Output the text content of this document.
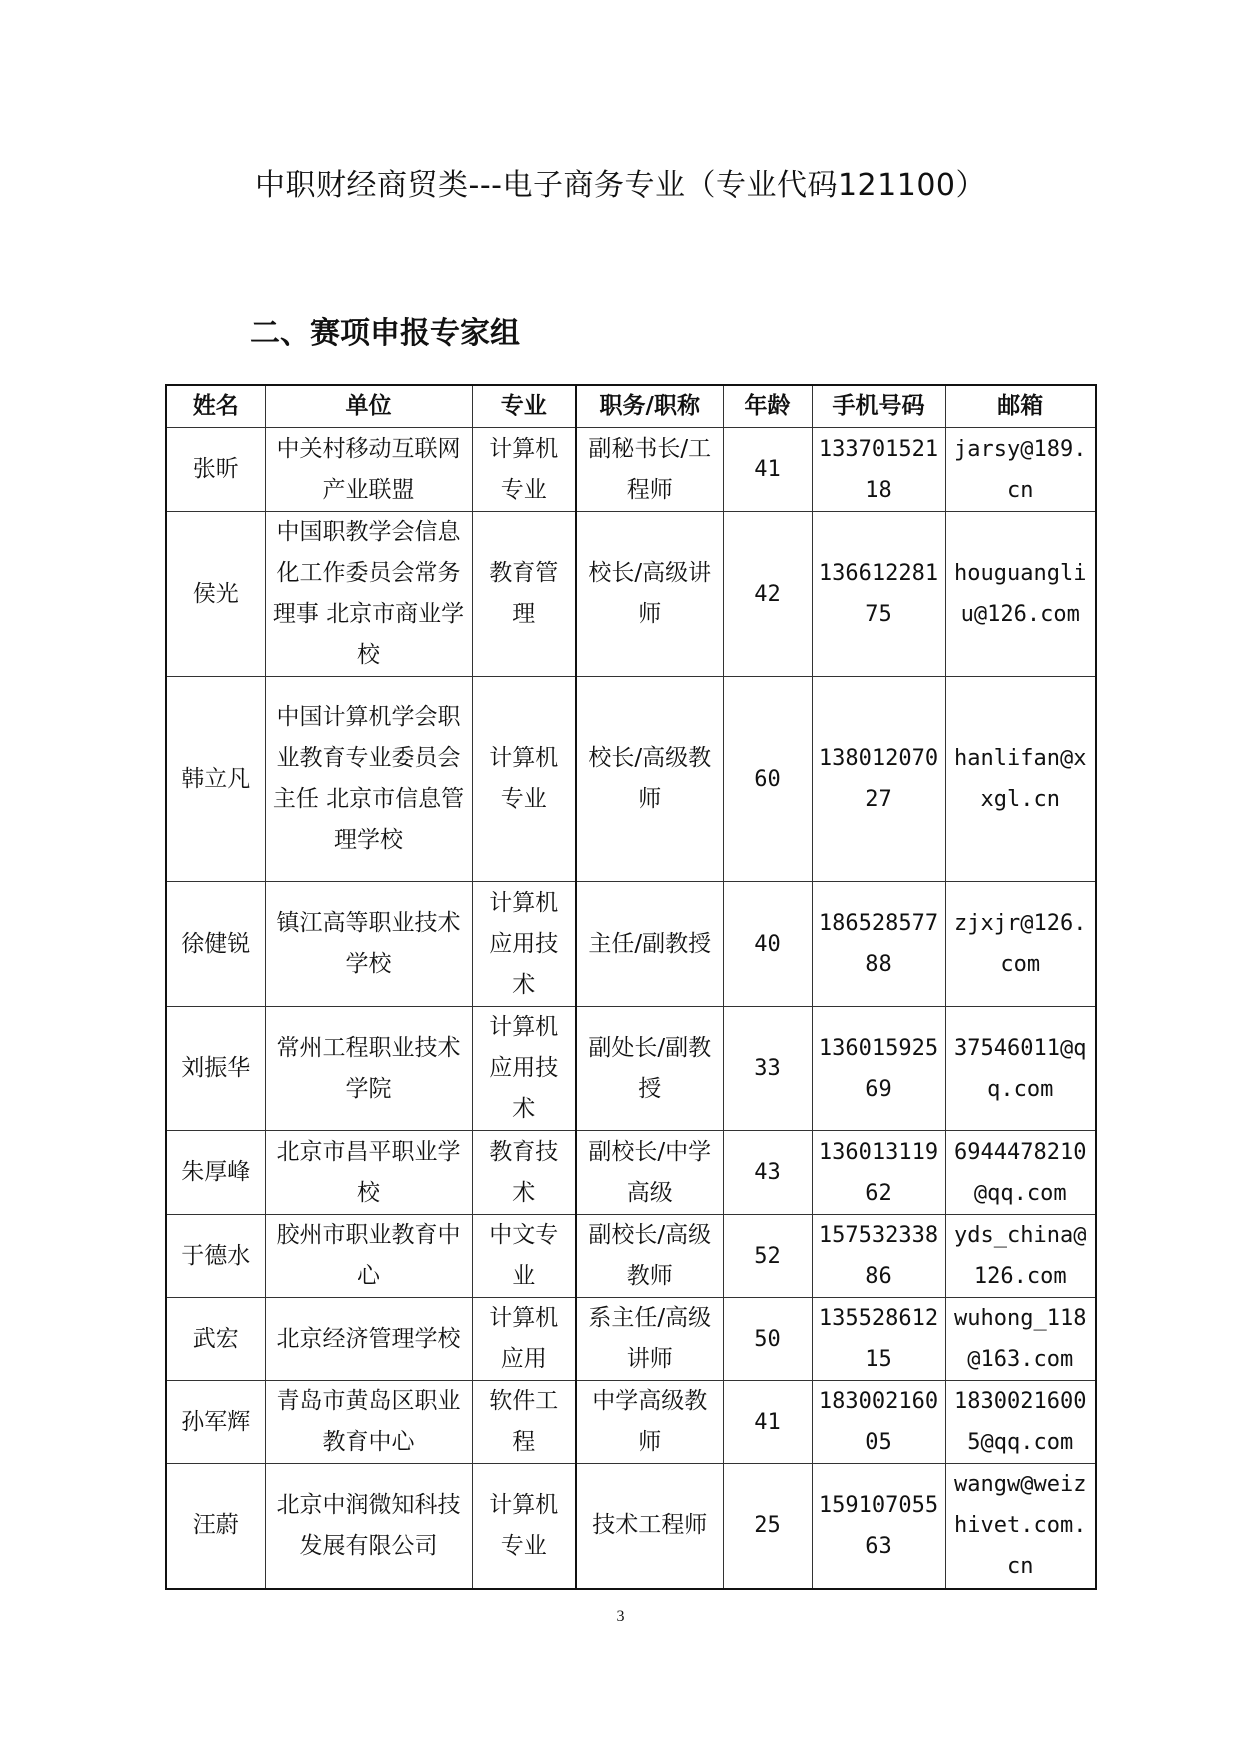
中职财经商贸类---电子商务专业（专业代码121100）
二、赛项申报专家组
姓名	单位	专业	职务/职称	年龄	手机号码	邮箱
张昕	中关村移动互联网产业联盟	计算机专业	副秘书长/工程师	41	13370152118	jarsy@189.cn
侯光	中国职教学会信息化工作委员会常务理事 北京市商业学校	教育管理	校长/高级讲师	42	13661228175	houguangliu@126.com
韩立凡	中国计算机学会职业教育专业委员会主任 北京市信息管理学校	计算机专业	校长/高级教师	60	13801207027	hanlifan@xxgl.cn
徐健锐	镇江高等职业技术学校	计算机应用技术	主任/副教授	40	18652857788	zjxjr@126.com
刘振华	常州工程职业技术学院	计算机应用技术	副处长/副教授	33	13601592569	37546011@qq.com
朱厚峰	北京市昌平职业学校	教育技术	副校长/中学高级	43	13601311962	6944478210@qq.com
于德水	胶州市职业教育中心	中文专业	副校长/高级教师	52	15753233886	yds_china@126.com
武宏	北京经济管理学校	计算机应用	系主任/高级讲师	50	13552861215	wuhong_118@163.com
孙军辉	青岛市黄岛区职业教育中心	软件工程	中学高级教师	41	18300216005	18300216005@qq.com
汪蔚	北京中润微知科技发展有限公司	计算机专业	技术工程师	25	15910705563	wangw@weizhivet.com.cn
3
